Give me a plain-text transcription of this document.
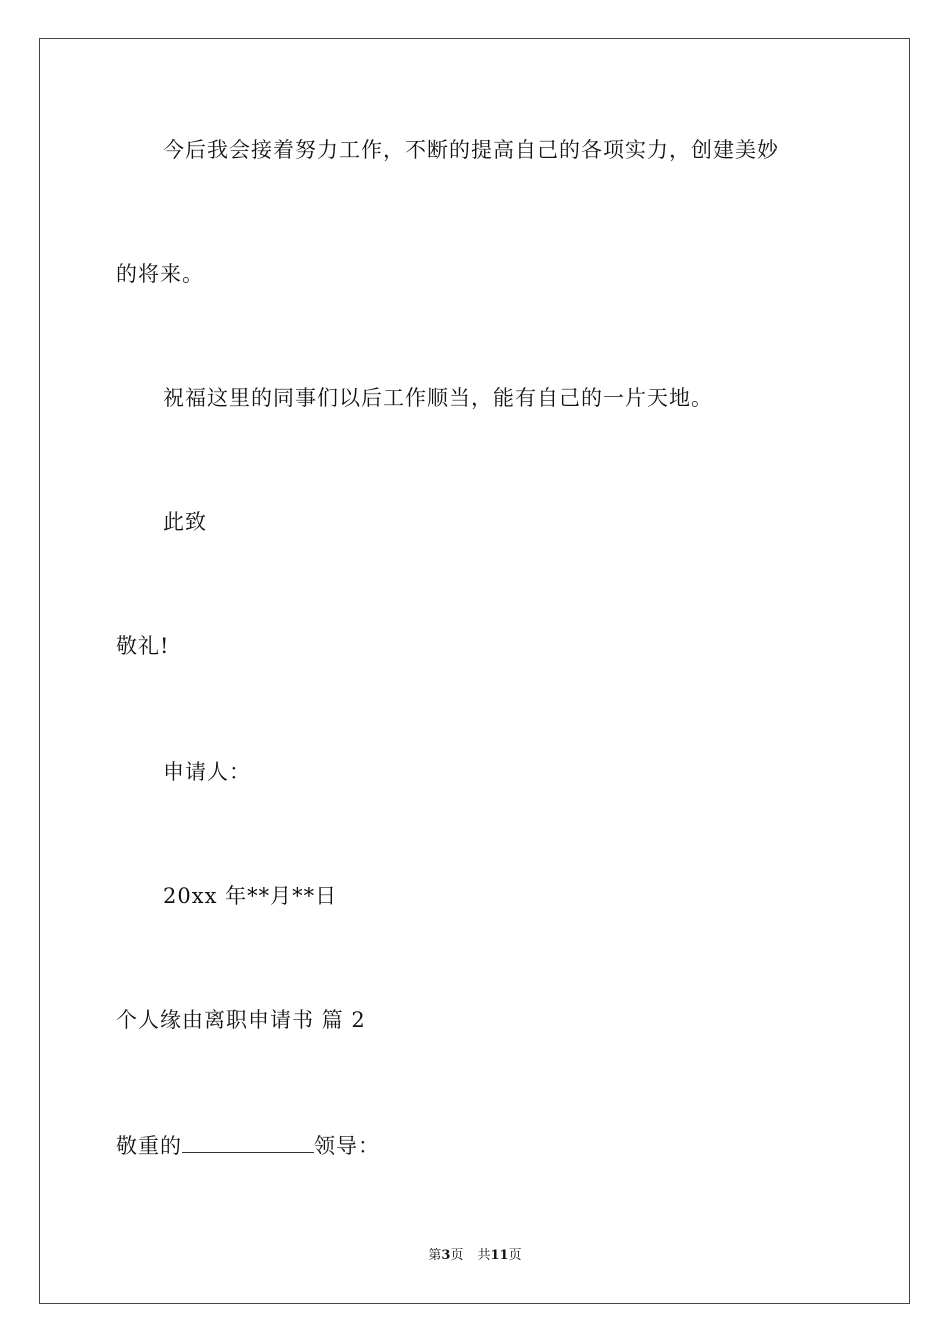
今后我会接着努力工作，不断的提高自己的各项实力，创建美妙
的将来。
祝福这里的同事们以后工作顺当，能有自己的一片天地。
此致
敬礼!
申请人：
20xx 年**月**日
个人缘由离职申请书 篇 2
敬重的	领导：
第3页 共11页
